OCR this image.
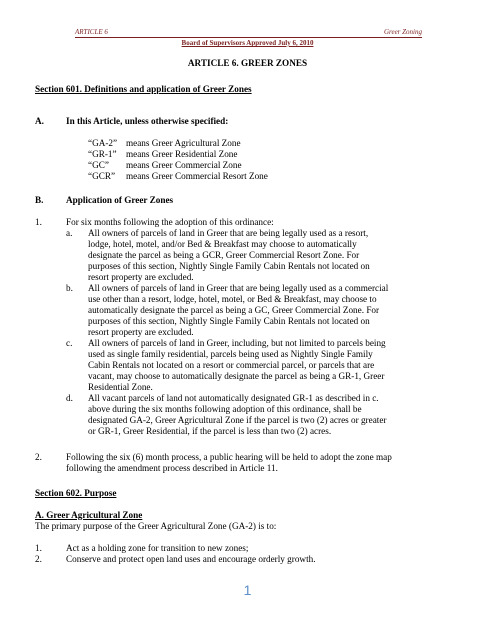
ARTICLE 6	Greer Zoning
Board of Supervisors Approved July 6, 2010
ARTICLE 6. GREER ZONES
Section 601. Definitions and application of Greer Zones
A. In this Article, unless otherwise specified:
“GA-2” means Greer Agricultural Zone
“GR-1” means Greer Residential Zone
“GC” means Greer Commercial Zone
“GCR” means Greer Commercial Resort Zone
B. Application of Greer Zones
1.	For six months following the adoption of this ordinance:
a. All owners of parcels of land in Greer that are being legally used as a resort,
lodge, hotel, motel, and/or Bed & Breakfast may choose to automatically
designate the parcel as being a GCR, Greer Commercial Resort Zone. For
purposes of this section, Nightly Single Family Cabin Rentals not located on
resort property are excluded.
b. All owners of parcels of land in Greer that are being legally used as a commercial
use other than a resort, lodge, hotel, motel, or Bed & Breakfast, may choose to
automatically designate the parcel as being a GC, Greer Commercial Zone. For
purposes of this section, Nightly Single Family Cabin Rentals not located on
resort property are excluded.
c. All owners of parcels of land in Greer, including, but not limited to parcels being
used as single family residential, parcels being used as Nightly Single Family
Cabin Rentals not located on a resort or commercial parcel, or parcels that are
vacant, may choose to automatically designate the parcel as being a GR-1, Greer
Residential Zone.
d. All vacant parcels of land not automatically designated GR-1 as described in c.
above during the six months following adoption of this ordinance, shall be
designated GA-2, Greer Agricultural Zone if the parcel is two (2) acres or greater
or GR-1, Greer Residential, if the parcel is less than two (2) acres.
2.	Following the six (6) month process, a public hearing will be held to adopt the zone map
following the amendment process described in Article 11.
Section 602. Purpose
A. Greer Agricultural Zone
The primary purpose of the Greer Agricultural Zone (GA-2) is to:
1.	Act as a holding zone for transition to new zones;
2.	Conserve and protect open land uses and encourage orderly growth.
1
